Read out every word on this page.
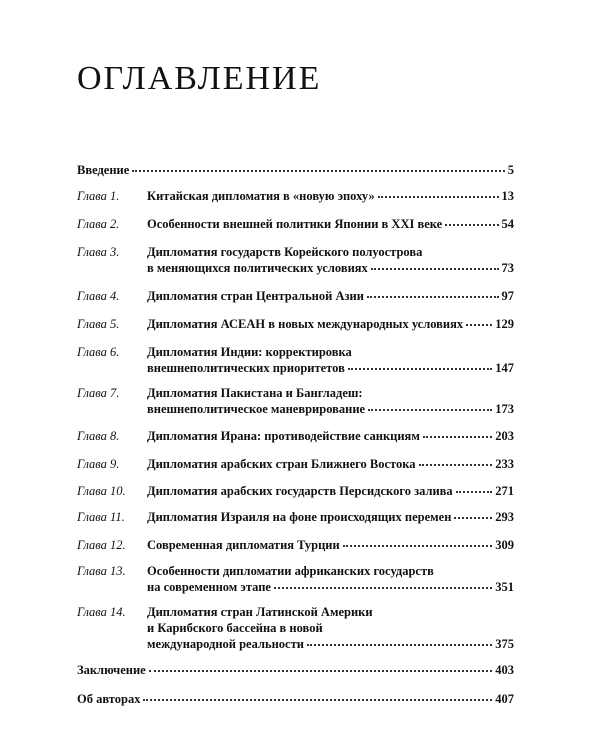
ОГЛАВЛЕНИЕ
Введение	5
Глава 1. Китайская дипломатия в «новую эпоху»	13
Глава 2. Особенности внешней политики Японии в XXI веке	54
Глава 3. Дипломатия государств Корейского полуострова
в меняющихся политических условиях	73
Глава 4. Дипломатия стран Центральной Азии	97
Глава 5. Дипломатия АСЕАН в новых международных условиях	129
Глава 6. Дипломатия Индии: корректировка
внешнеполитических приоритетов	147
Глава 7. Дипломатия Пакистана и Бангладеш:
внешнеполитическое маневрирование	173
Глава 8. Дипломатия Ирана: противодействие санкциям	203
Глава 9. Дипломатия арабских стран Ближнего Востока	233
Глава 10. Дипломатия арабских государств Персидского залива	271
Глава 11. Дипломатия Израиля на фоне происходящих перемен	293
Глава 12. Современная дипломатия Турции	309
Глава 13. Особенности дипломатии африканских государств
на современном этапе	351
Глава 14. Дипломатия стран Латинской Америки
и Карибского бассейна в новой
международной реальности	375
Заключение	403
Об авторах	407
